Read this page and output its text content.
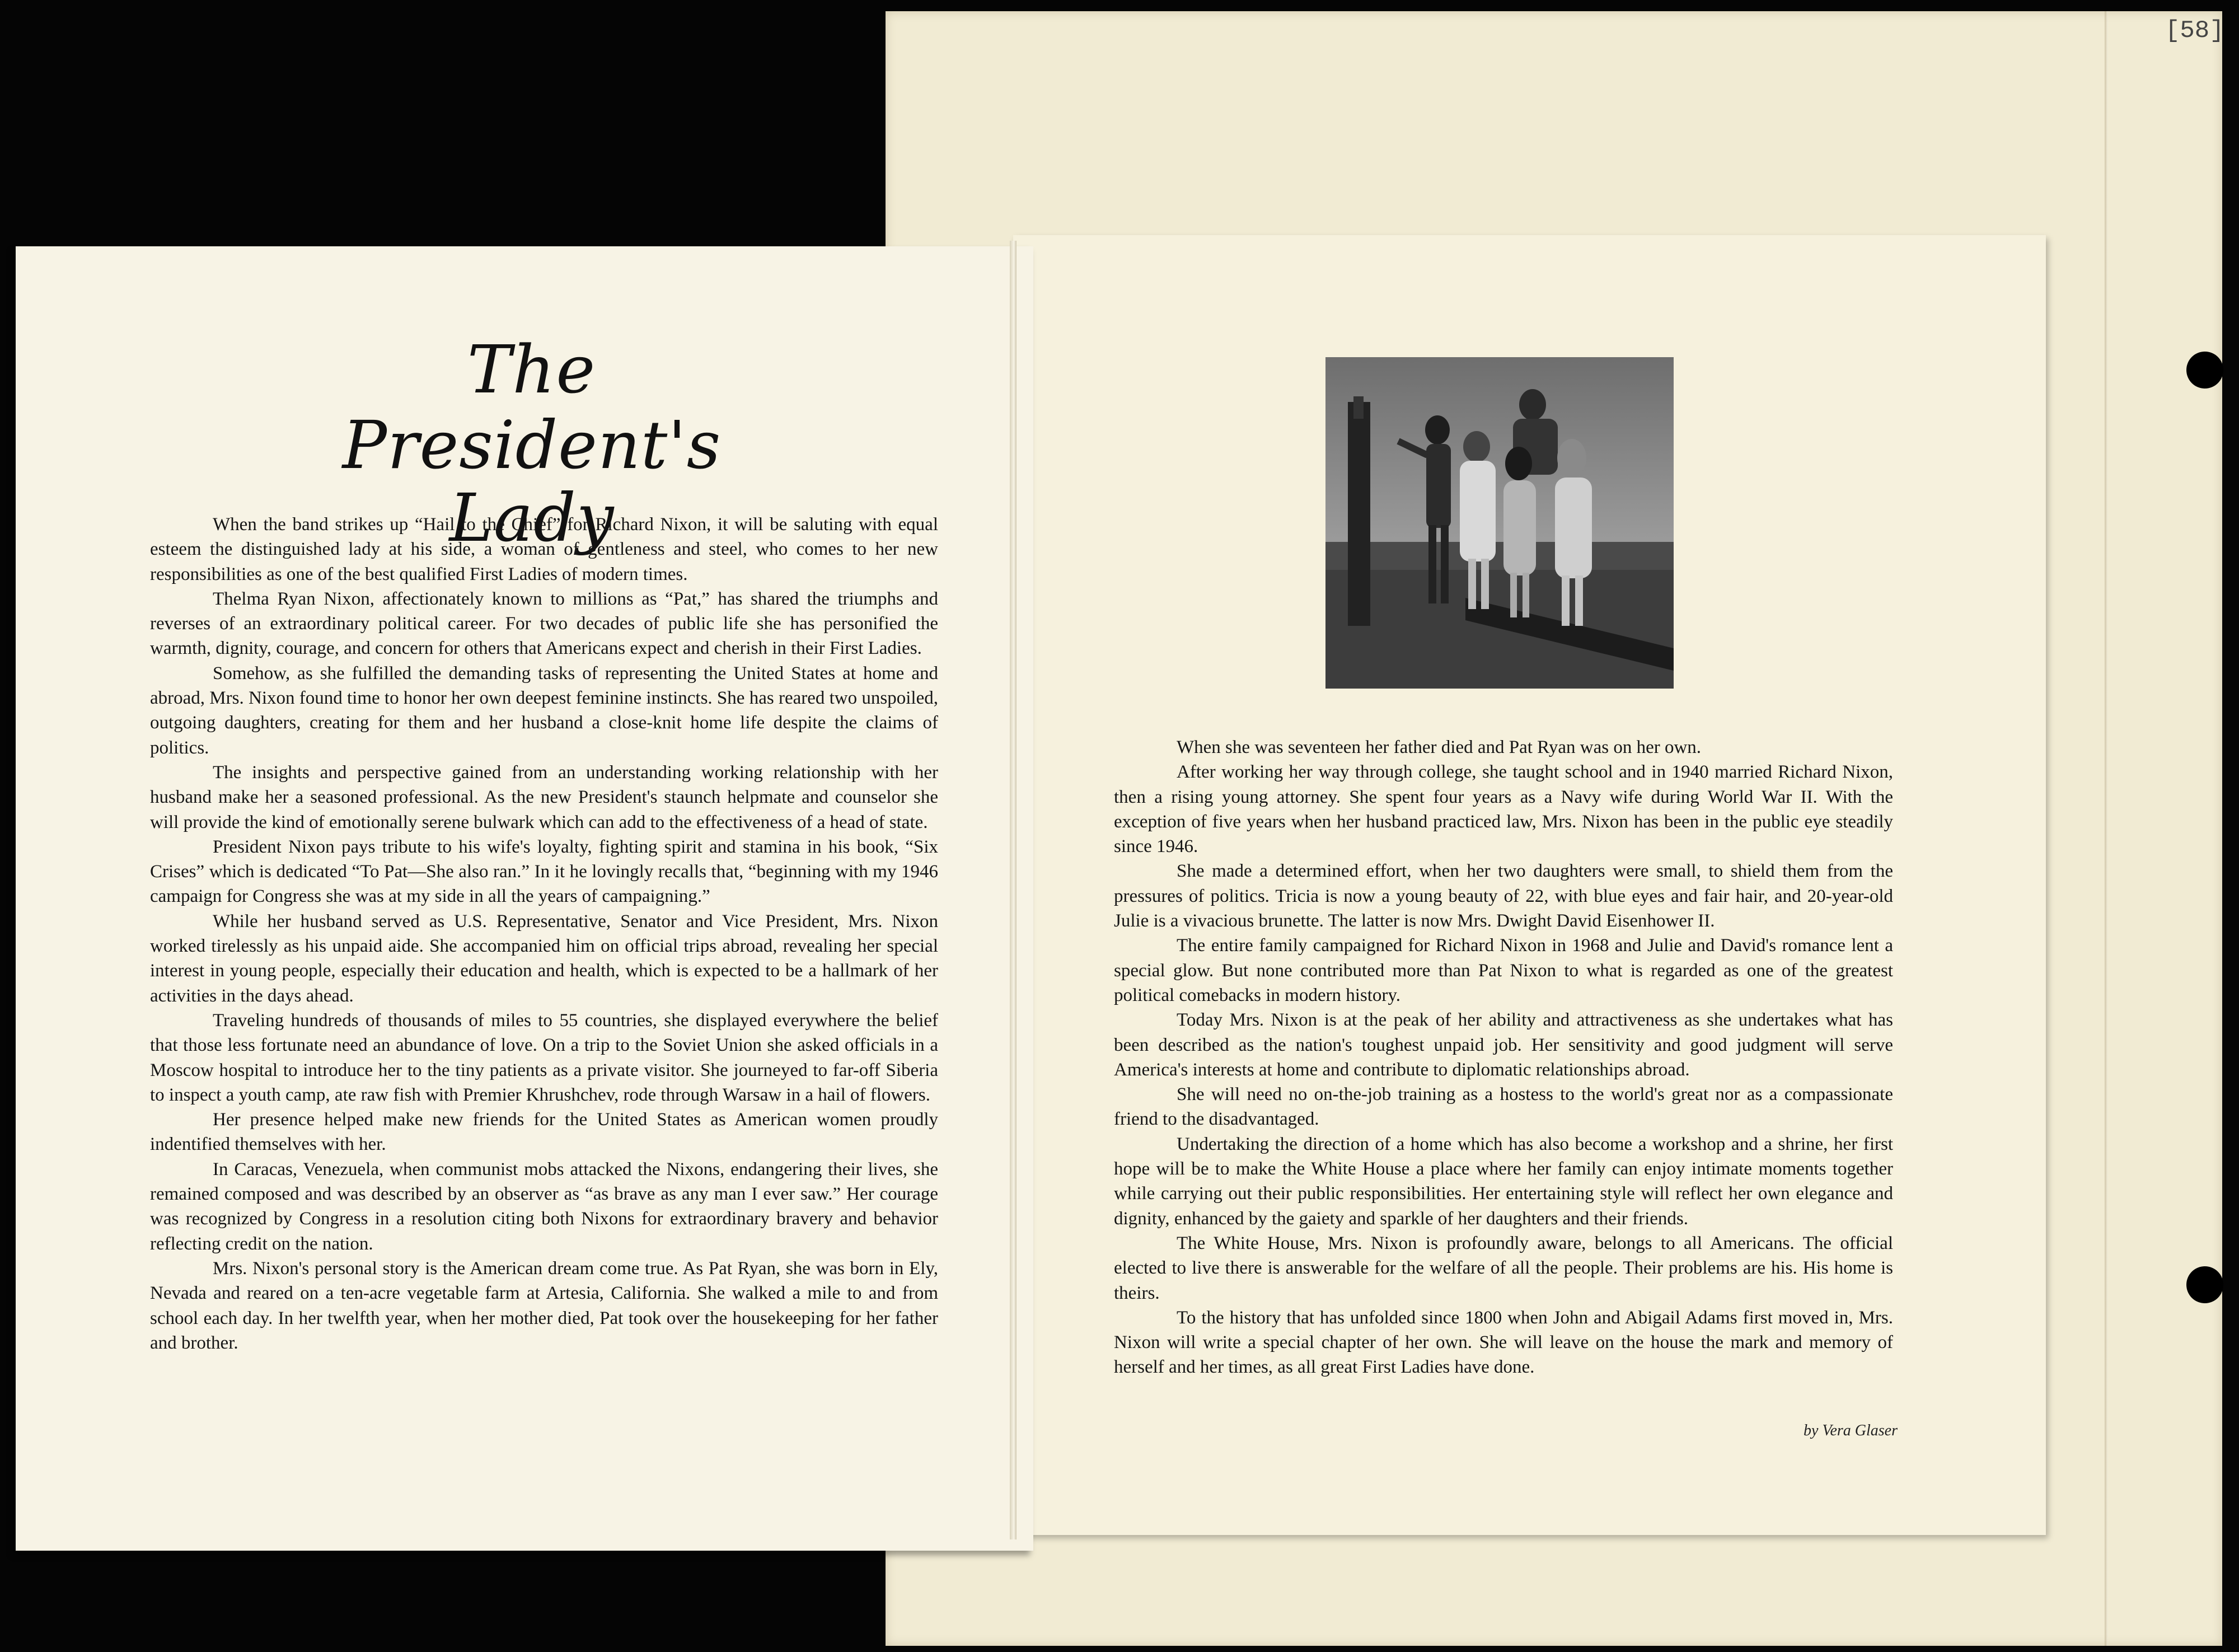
[58]
The
President's Lady

When the band strikes up “Hail to the Chief” for Richard Nixon, it will be saluting with equal esteem the distinguished lady at his side, a woman of gentleness and steel, who comes to her new responsibilities as one of the best qualified First Ladies of modern times.

Thelma Ryan Nixon, affectionately known to millions as “Pat,” has shared the triumphs and reverses of an extraordinary political career. For two decades of public life she has personified the warmth, dignity, courage, and concern for others that Americans expect and cherish in their First Ladies.

Somehow, as she fulfilled the demanding tasks of representing the United States at home and abroad, Mrs. Nixon found time to honor her own deepest feminine instincts. She has reared two unspoiled, outgoing daughters, creating for them and her husband a close-knit home life despite the claims of politics.

The insights and perspective gained from an understanding working relationship with her husband make her a seasoned professional. As the new President's staunch helpmate and counselor she will provide the kind of emotionally serene bulwark which can add to the effectiveness of a head of state.

President Nixon pays tribute to his wife's loyalty, fighting spirit and stamina in his book, “Six Crises” which is dedicated “To Pat—She also ran.” In it he lovingly recalls that, “beginning with my 1946 campaign for Congress she was at my side in all the years of campaigning.”

While her husband served as U.S. Representative, Senator and Vice President, Mrs. Nixon worked tirelessly as his unpaid aide. She accompanied him on official trips abroad, revealing her special interest in young people, especially their education and health, which is expected to be a hallmark of her activities in the days ahead.

Traveling hundreds of thousands of miles to 55 countries, she displayed everywhere the belief that those less fortunate need an abundance of love. On a trip to the Soviet Union she asked officials in a Moscow hospital to introduce her to the tiny patients as a private visitor. She journeyed to far-off Siberia to inspect a youth camp, ate raw fish with Premier Khrushchev, rode through Warsaw in a hail of flowers.

Her presence helped make new friends for the United States as American women proudly indentified themselves with her.

In Caracas, Venezuela, when communist mobs attacked the Nixons, endangering their lives, she remained composed and was described by an observer as “as brave as any man I ever saw.” Her courage was recognized by Congress in a resolution citing both Nixons for extraordinary bravery and behavior reflecting credit on the nation.

Mrs. Nixon's personal story is the American dream come true. As Pat Ryan, she was born in Ely, Nevada and reared on a ten-acre vegetable farm at Artesia, California. She walked a mile to and from school each day. In her twelfth year, when her mother died, Pat took over the housekeeping for her father and brother.

When she was seventeen her father died and Pat Ryan was on her own.

After working her way through college, she taught school and in 1940 married Richard Nixon, then a rising young attorney. She spent four years as a Navy wife during World War II. With the exception of five years when her husband practiced law, Mrs. Nixon has been in the public eye steadily since 1946.

She made a determined effort, when her two daughters were small, to shield them from the pressures of politics. Tricia is now a young beauty of 22, with blue eyes and fair hair, and 20-year-old Julie is a vivacious brunette. The latter is now Mrs. Dwight David Eisenhower II.

The entire family campaigned for Richard Nixon in 1968 and Julie and David's romance lent a special glow. But none contributed more than Pat Nixon to what is regarded as one of the greatest political comebacks in modern history.

Today Mrs. Nixon is at the peak of her ability and attractiveness as she undertakes what has been described as the nation's toughest unpaid job. Her sensitivity and good judgment will serve America's interests at home and contribute to diplomatic relationships abroad.

She will need no on-the-job training as a hostess to the world's great nor as a compassionate friend to the disadvantaged.

Undertaking the direction of a home which has also become a workshop and a shrine, her first hope will be to make the White House a place where her family can enjoy intimate moments together while carrying out their public responsibilities. Her entertaining style will reflect her own elegance and dignity, enhanced by the gaiety and sparkle of her daughters and their friends.

The White House, Mrs. Nixon is profoundly aware, belongs to all Americans. The official elected to live there is answerable for the welfare of all the people. Their problems are his. His home is theirs.

To the history that has unfolded since 1800 when John and Abigail Adams first moved in, Mrs. Nixon will write a special chapter of her own. She will leave on the house the mark and memory of herself and her times, as all great First Ladies have done.

by Vera Glaser
